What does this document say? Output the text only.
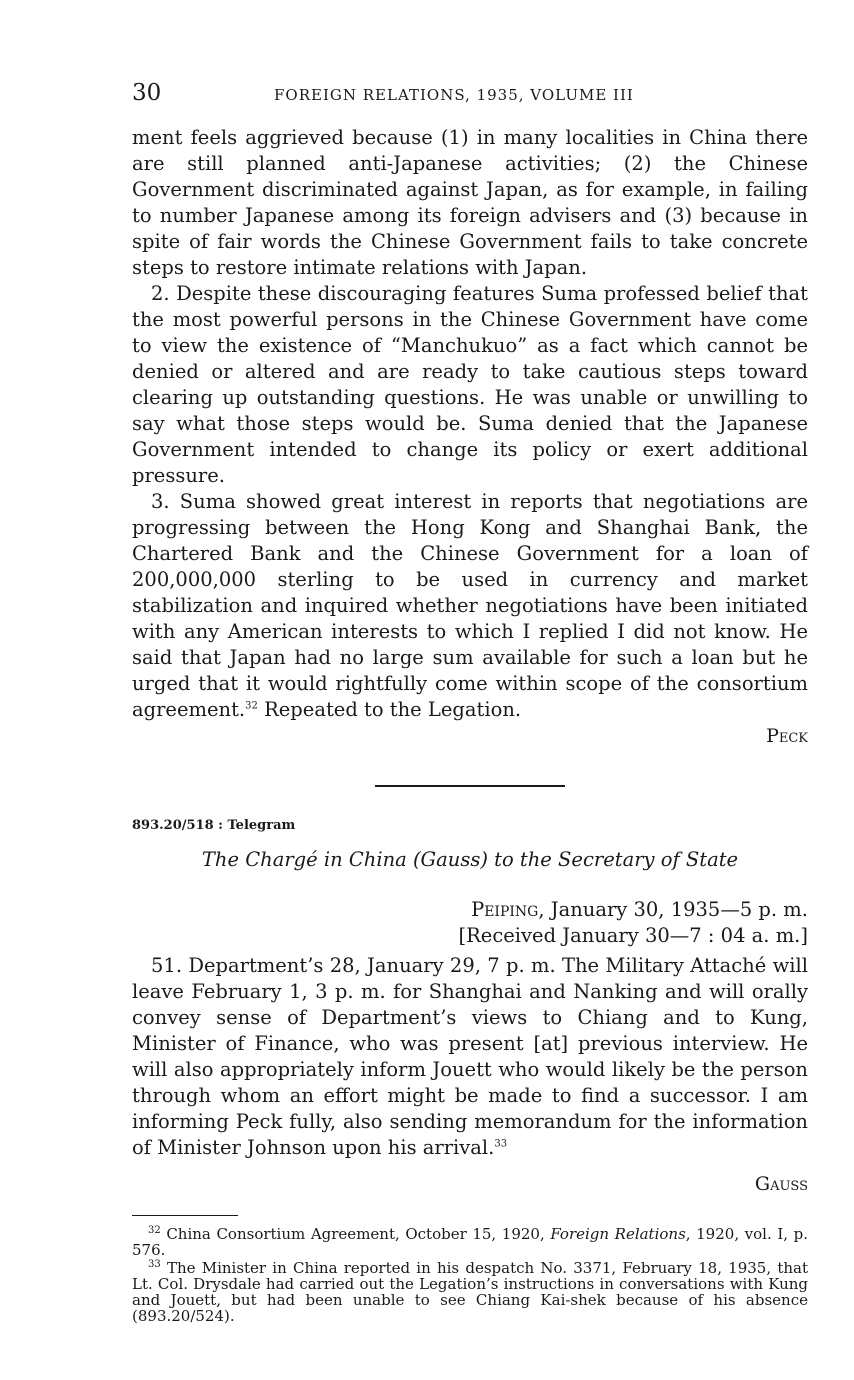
30	FOREIGN RELATIONS, 1935, VOLUME III

ment feels aggrieved because (1) in many localities in China there are still planned anti-Japanese activities; (2) the Chinese Government discriminated against Japan, as for example, in failing to number Japanese among its foreign advisers and (3) because in spite of fair words the Chinese Government fails to take concrete steps to restore intimate relations with Japan.

2. Despite these discouraging features Suma professed belief that the most powerful persons in the Chinese Government have come to view the existence of “Manchukuo” as a fact which cannot be denied or altered and are ready to take cautious steps toward clearing up outstanding questions. He was unable or unwilling to say what those steps would be. Suma denied that the Japanese Government intended to change its policy or exert additional pressure.

3. Suma showed great interest in reports that negotiations are progressing between the Hong Kong and Shanghai Bank, the Chartered Bank and the Chinese Government for a loan of 200,000,000 sterling to be used in currency and market stabilization and inquired whether negotiations have been initiated with any American interests to which I replied I did not know. He said that Japan had no large sum available for such a loan but he urged that it would rightfully come within scope of the consortium agreement.$^{32}$ Repeated to the Legation.

Peck
893.20/518 : Telegram
The Chargé in China (Gauss) to the Secretary of State
Peiping, January 30, 1935—5 p. m.
[Received January 30—7 : 04 a. m.]

51. Department’s 28, January 29, 7 p. m. The Military Attaché will leave February 1, 3 p. m. for Shanghai and Nanking and will orally convey sense of Department’s views to Chiang and to Kung, Minister of Finance, who was present [at] previous interview. He will also appropriately inform Jouett who would likely be the person through whom an effort might be made to find a successor. I am informing Peck fully, also sending memorandum for the information of Minister Johnson upon his arrival.$^{33}$

Gauss

$^{32}$ China Consortium Agreement, October 15, 1920, Foreign Relations, 1920, vol. I, p. 576.

$^{33}$ The Minister in China reported in his despatch No. 3371, February 18, 1935, that Lt. Col. Drysdale had carried out the Legation’s instructions in conversations with Kung and Jouett, but had been unable to see Chiang Kai-shek because of his absence (893.20/524).
